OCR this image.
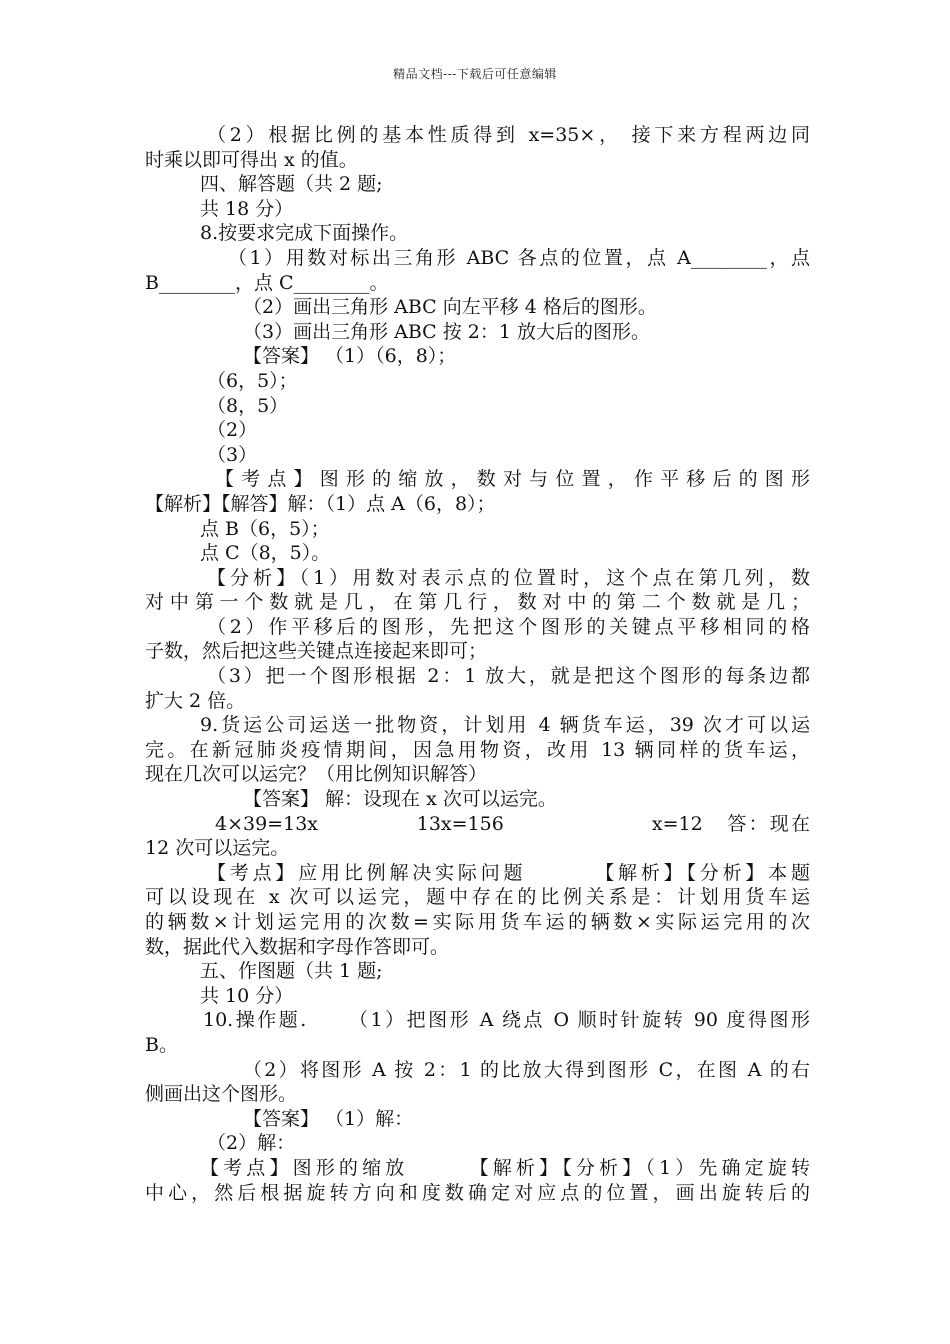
精品文档---下载后可任意编辑
（2）根据比例的基本性质得到 x=35×， 接下来方程两边同
时乘以即可得出 x 的值。
四、解答题（共 2 题;
共 18 分）
8.按要求完成下面操作。
（1）用数对标出三角形 ABC 各点的位置，点 A________，点
B________，点 C________。
（2）画出三角形 ABC 向左平移 4 格后的图形。
（3）画出三角形 ABC 按 2：1 放大后的图形。
【答案】 （1）（6，8）；
（6，5）；
（8，5）
（2）
（3）
【考点】图形的缩放，数对与位置，作平移后的图形
【解析】【解答】解：（1）点 A（6，8）；
点 B（6，5）；
点 C（8，5）。
【分析】（1）用数对表示点的位置时，这个点在第几列，数
对中第一个数就是几，在第几行，数对中的第二个数就是几；
（2）作平移后的图形，先把这个图形的关键点平移相同的格
子数，然后把这些关键点连接起来即可；
（3）把一个图形根据 2：1 放大，就是把这个图形的每条边都
扩大 2 倍。
9.货运公司运送一批物资，计划用 4 辆货车运，39 次才可以运
完。在新冠肺炎疫情期间，因急用物资，改用 13 辆同样的货车运，
现在几次可以运完？（用比例知识解答）
【答案】 解：设现在 x 次可以运完。
4×39=13x            13x=156                  x=12   答：现在
12 次可以运完。
【考点】应用比例解决实际问题       【解析】【分析】本题
可以设现在 x 次可以运完，题中存在的比例关系是：计划用货车运
的辆数×计划运完用的次数=实际用货车运的辆数×实际运完用的次
数，据此代入数据和字母作答即可。
五、作图题（共 1 题;
共 10 分）
10.操作题.     （1）把图形 A 绕点 O 顺时针旋转 90 度得图形
B。
（2）将图形 A 按 2：1 的比放大得到图形 C，在图 A 的右
侧画出这个图形。
【答案】 （1）解：
（2）解：
【考点】图形的缩放      【解析】【分析】（1）先确定旋转
中心，然后根据旋转方向和度数确定对应点的位置，画出旋转后的
